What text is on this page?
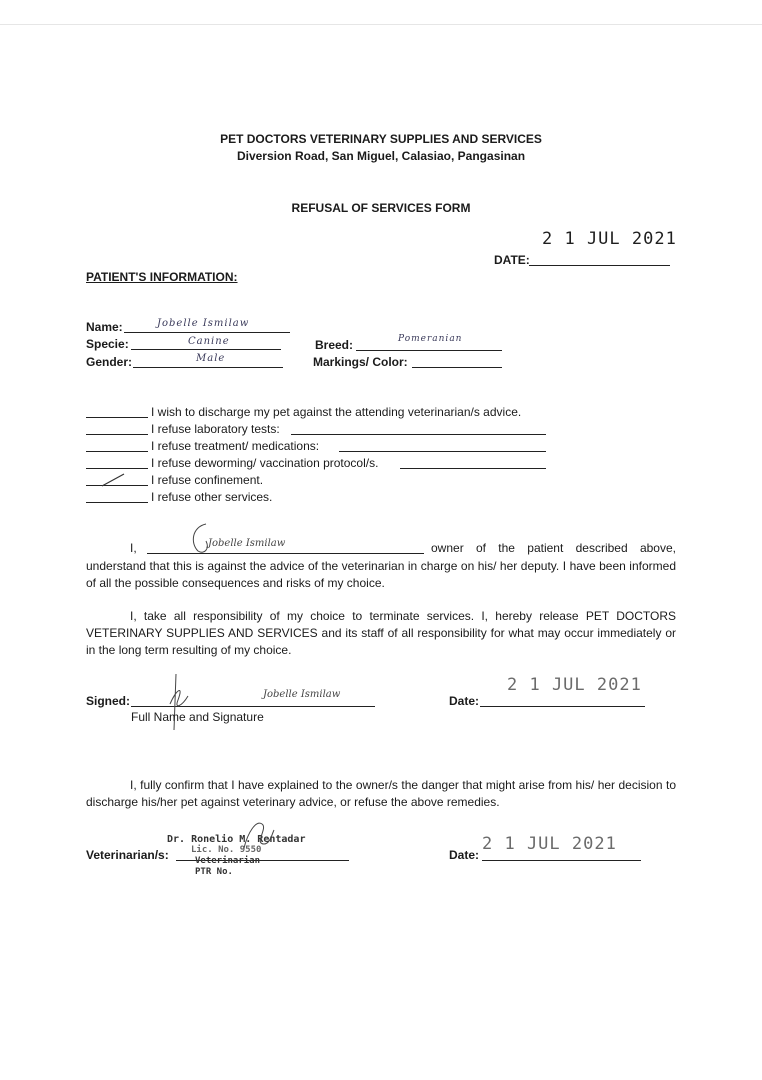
PET DOCTORS VETERINARY SUPPLIES AND SERVICES
Diversion Road, San Miguel, Calasiao, Pangasinan
REFUSAL OF SERVICES FORM
2 1 JUL 2021
DATE:
PATIENT'S INFORMATION:
Name:	Jobelle Ismilaw
Specie:	Canine
Gender:	Male
Breed:	Pomeranian
Markings/ Color:
I wish to discharge my pet against the attending veterinarian/s advice.
I refuse laboratory tests:
I refuse treatment/ medications:
I refuse deworming/ vaccination protocol/s.
I refuse confinement.
I refuse other services.
I,	Jobelle Ismilaw	owner of the patient described above,
understand that this is against the advice of the veterinarian in charge on his/ her deputy. I have been informed of all the possible consequences and risks of my choice.
I, take all responsibility of my choice to terminate services. I, hereby release PET DOCTORS VETERINARY SUPPLIES AND SERVICES and its staff of all responsibility for what may occur immediately or in the long term resulting of my choice.
Signed:	Jobelle Ismilaw
Full Name and Signature
2 1 JUL 2021
Date:
I, fully confirm that I have explained to the owner/s the danger that might arise from his/ her decision to discharge his/her pet against veterinary advice, or refuse the above remedies.
Veterinarian/s:
Dr. Ronelio M. Rentadar
Lic. No. 9550
Veterinarian
PTR No.
2 1 JUL 2021
Date:
